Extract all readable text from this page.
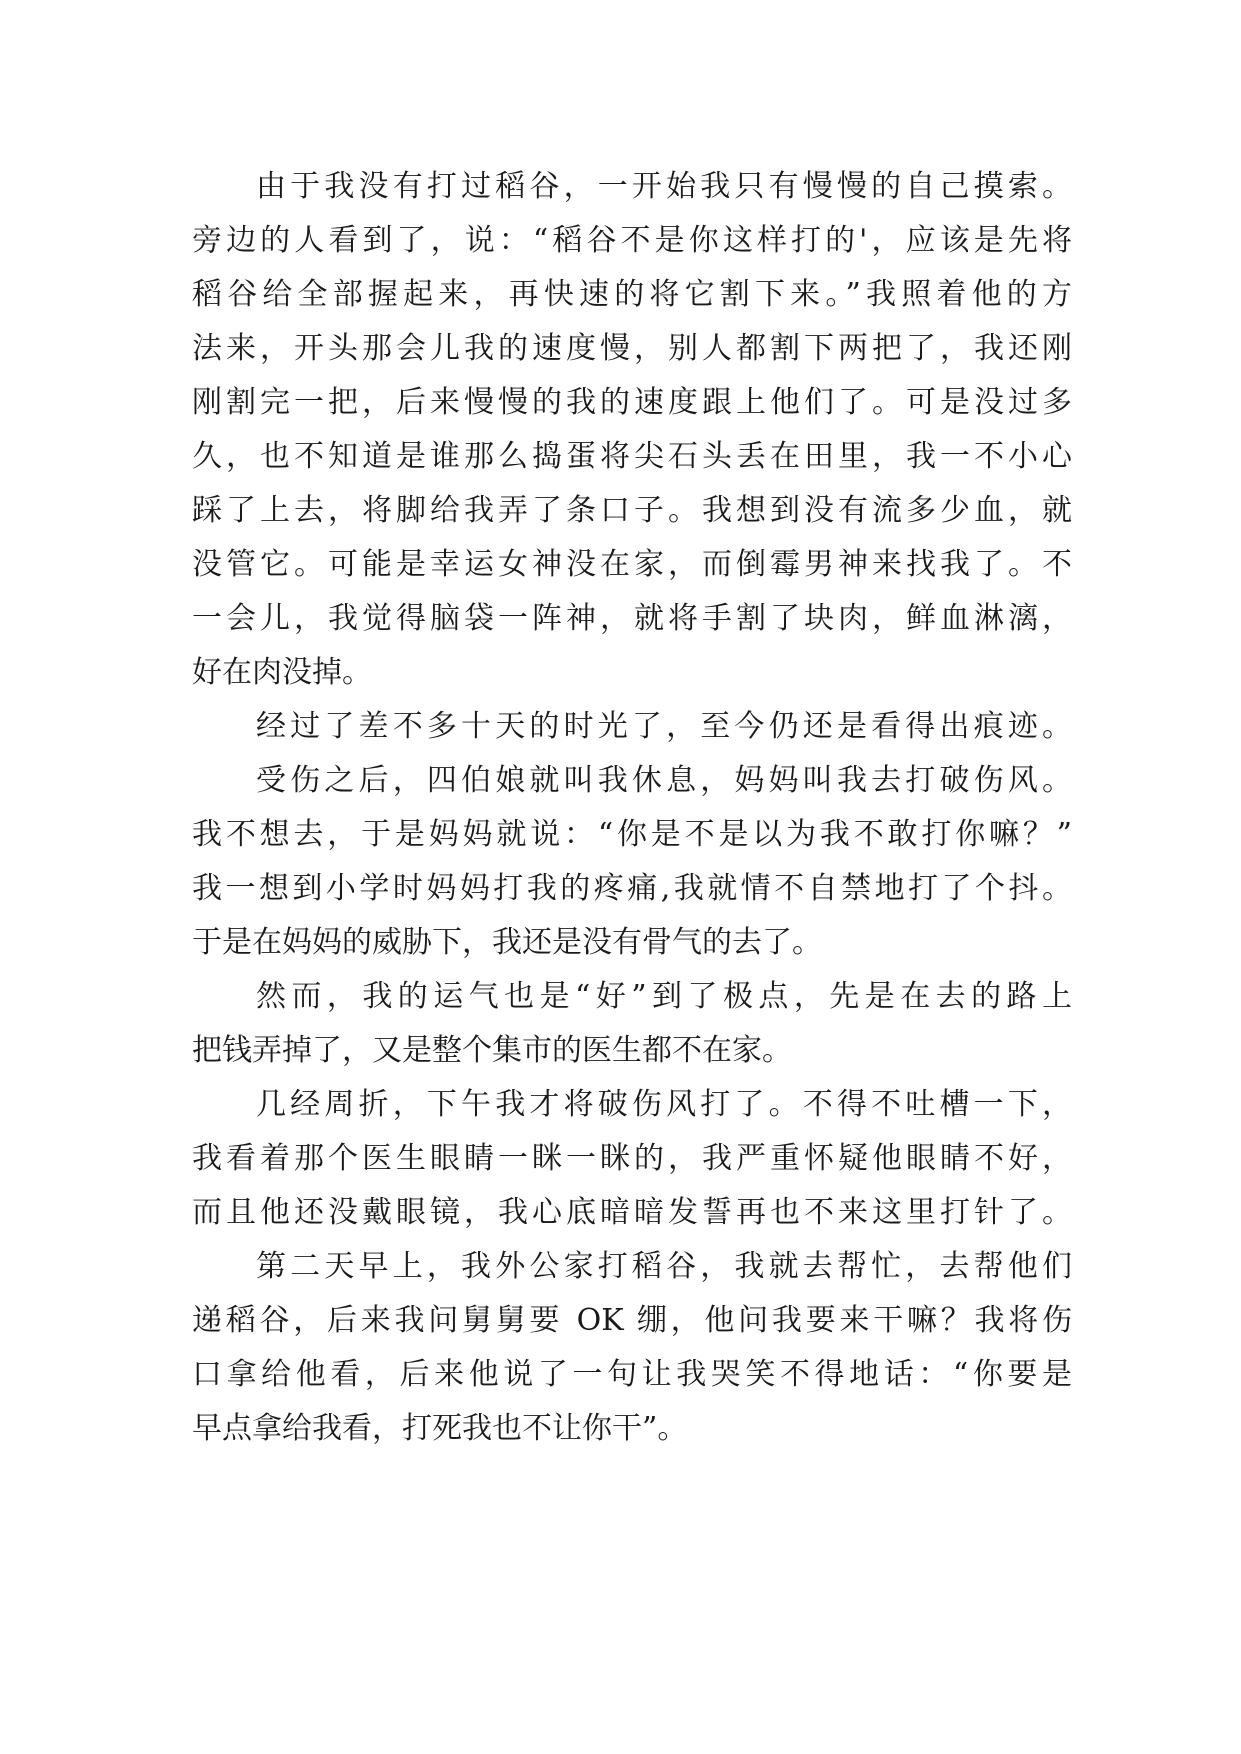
由于我没有打过稻谷，一开始我只有慢慢的自己摸索。
旁边的人看到了，说：“稻谷不是你这样打的'，应该是先将
稻谷给全部握起来，再快速的将它割下来。”我照着他的方
法来，开头那会儿我的速度慢，别人都割下两把了，我还刚
刚割完一把，后来慢慢的我的速度跟上他们了。可是没过多
久，也不知道是谁那么捣蛋将尖石头丢在田里，我一不小心
踩了上去，将脚给我弄了条口子。我想到没有流多少血，就
没管它。可能是幸运女神没在家，而倒霉男神来找我了。不
一会儿，我觉得脑袋一阵神，就将手割了块肉，鲜血淋漓，
好在肉没掉。
经过了差不多十天的时光了，至今仍还是看得出痕迹。
受伤之后，四伯娘就叫我休息，妈妈叫我去打破伤风。
我不想去，于是妈妈就说：“你是不是以为我不敢打你嘛？”
我一想到小学时妈妈打我的疼痛,我就情不自禁地打了个抖。
于是在妈妈的威胁下，我还是没有骨气的去了。
然而，我的运气也是“好”到了极点，先是在去的路上
把钱弄掉了，又是整个集市的医生都不在家。
几经周折，下午我才将破伤风打了。不得不吐槽一下，
我看着那个医生眼睛一眯一眯的，我严重怀疑他眼睛不好，
而且他还没戴眼镜，我心底暗暗发誓再也不来这里打针了。
第二天早上，我外公家打稻谷，我就去帮忙，去帮他们
递稻谷，后来我问舅舅要 OK 绷，他问我要来干嘛？我将伤
口拿给他看，后来他说了一句让我哭笑不得地话：“你要是
早点拿给我看，打死我也不让你干”。
